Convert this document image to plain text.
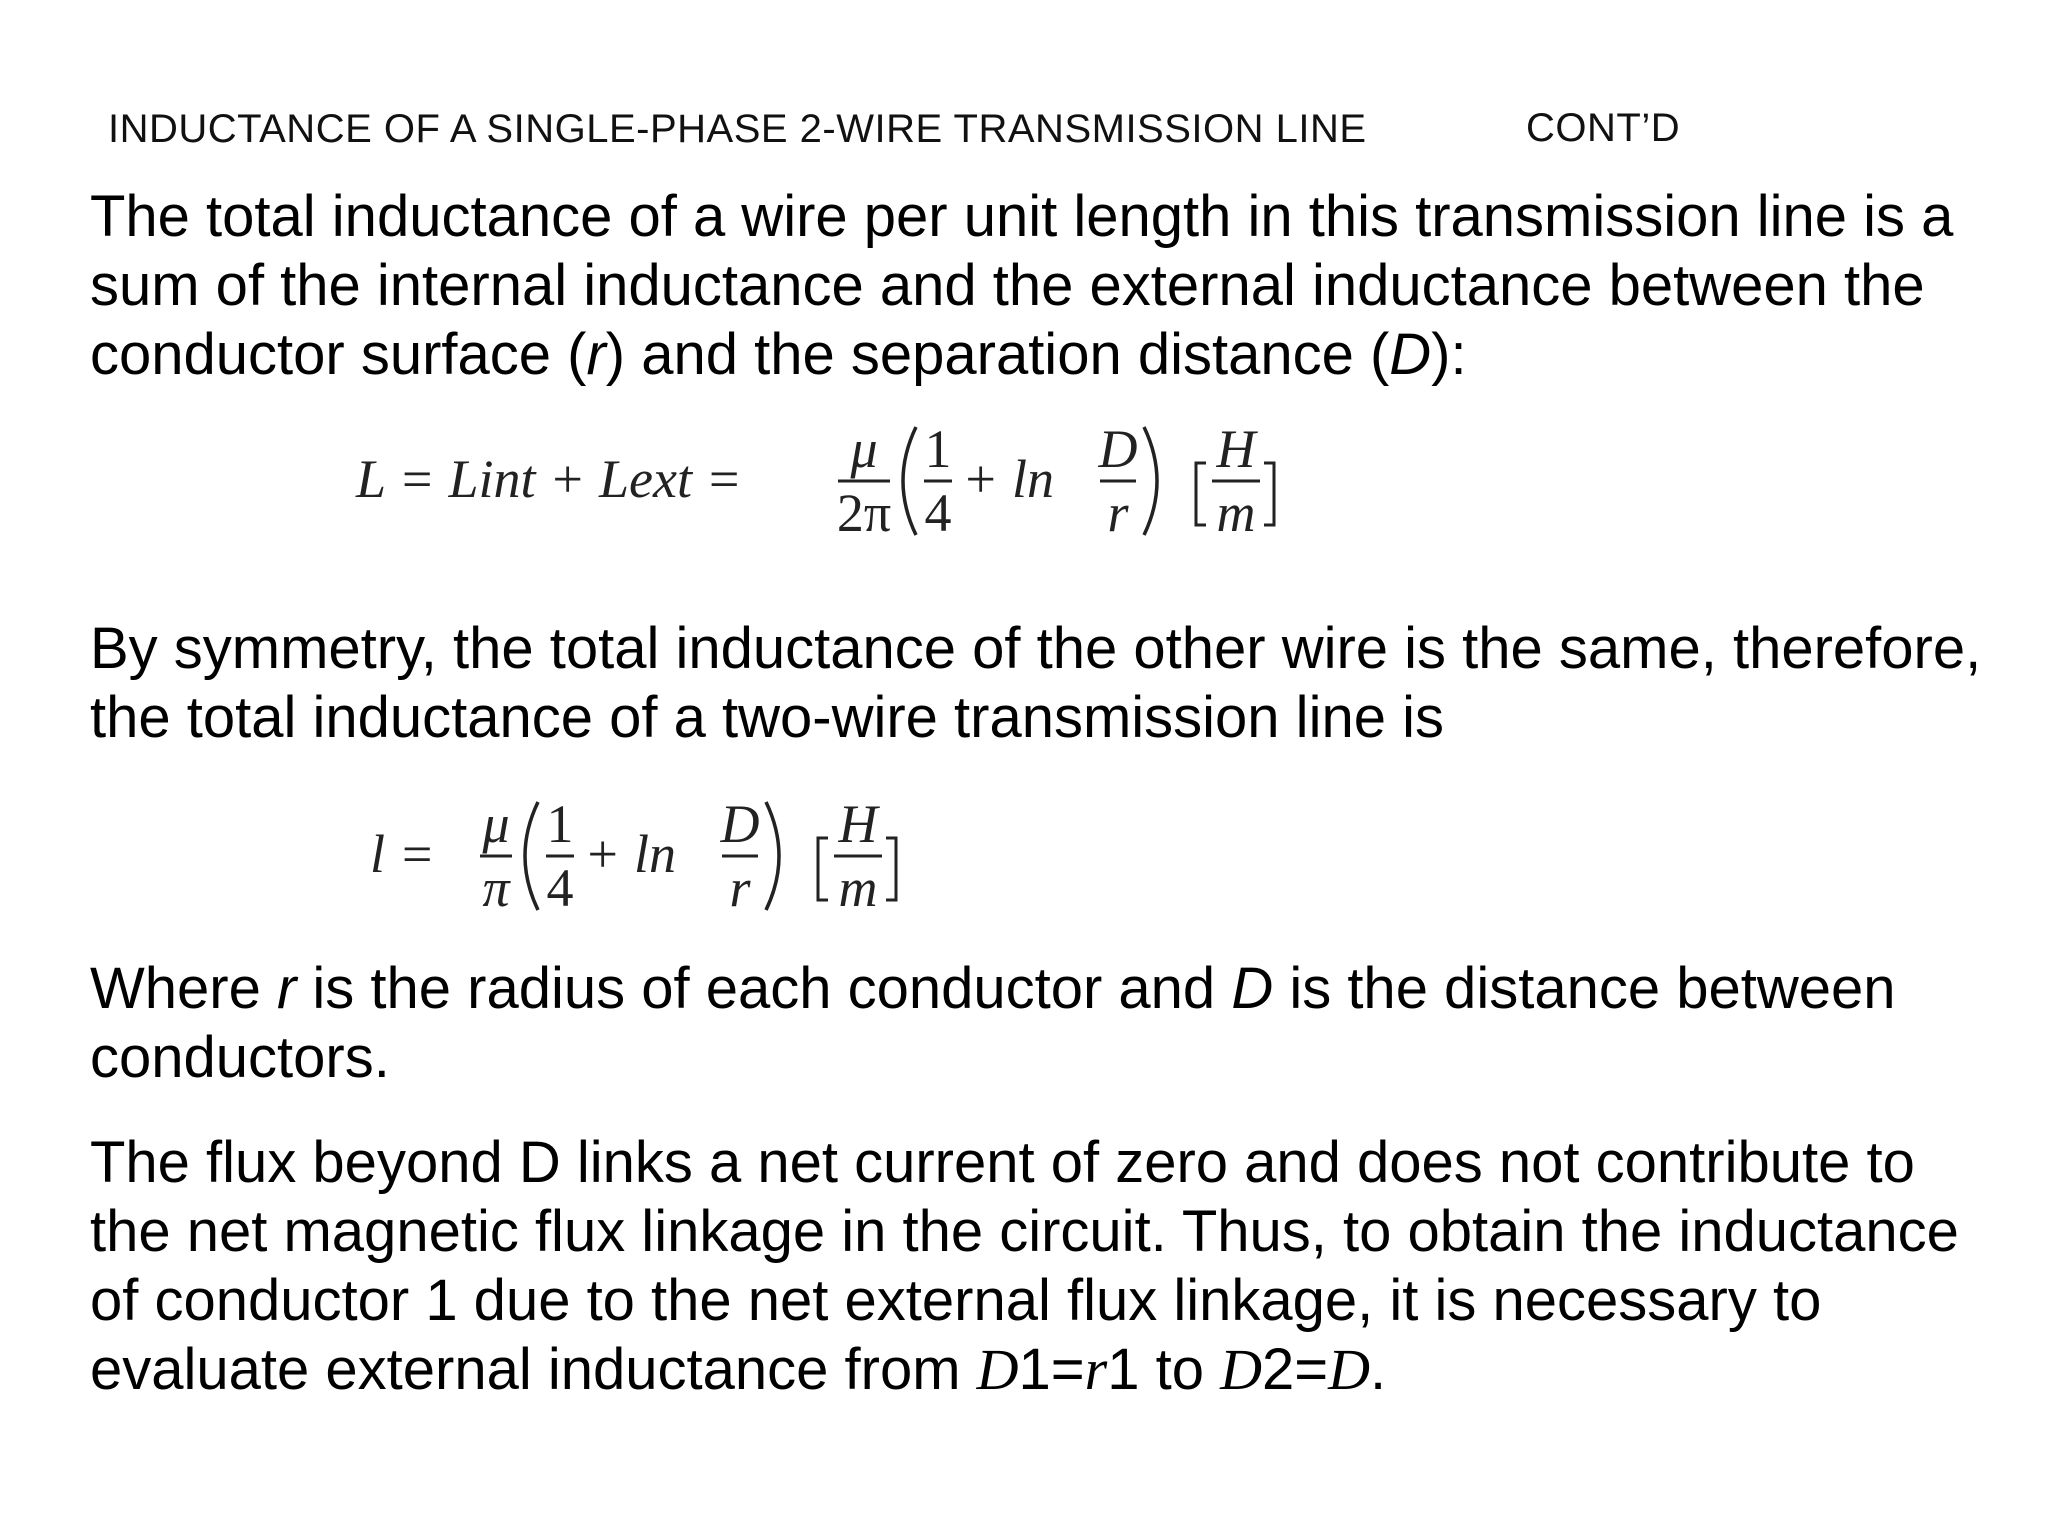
INDUCTANCE OF A SINGLE-PHASE 2-WIRE TRANSMISSION LINE	CONT’D
The total inductance of a wire per unit length in this transmission line is a sum of the internal inductance and the external inductance between the conductor surface (r) and the separation distance (D):
L = Lint + Lext = μ
2π
1
4
+ ln D
r
H
m
By symmetry, the total inductance of the other wire is the same, therefore, the total inductance of a two-wire transmission line is
l = μ
π
1
4
+ ln D
r
H
m
Where r is the radius of each conductor and D is the distance between conductors.
The flux beyond D links a net current of zero and does not contribute to the net magnetic flux linkage in the circuit. Thus, to obtain the inductance of conductor 1 due to the net external flux linkage, it is necessary to evaluate external inductance from D1=r1 to D2=D.
